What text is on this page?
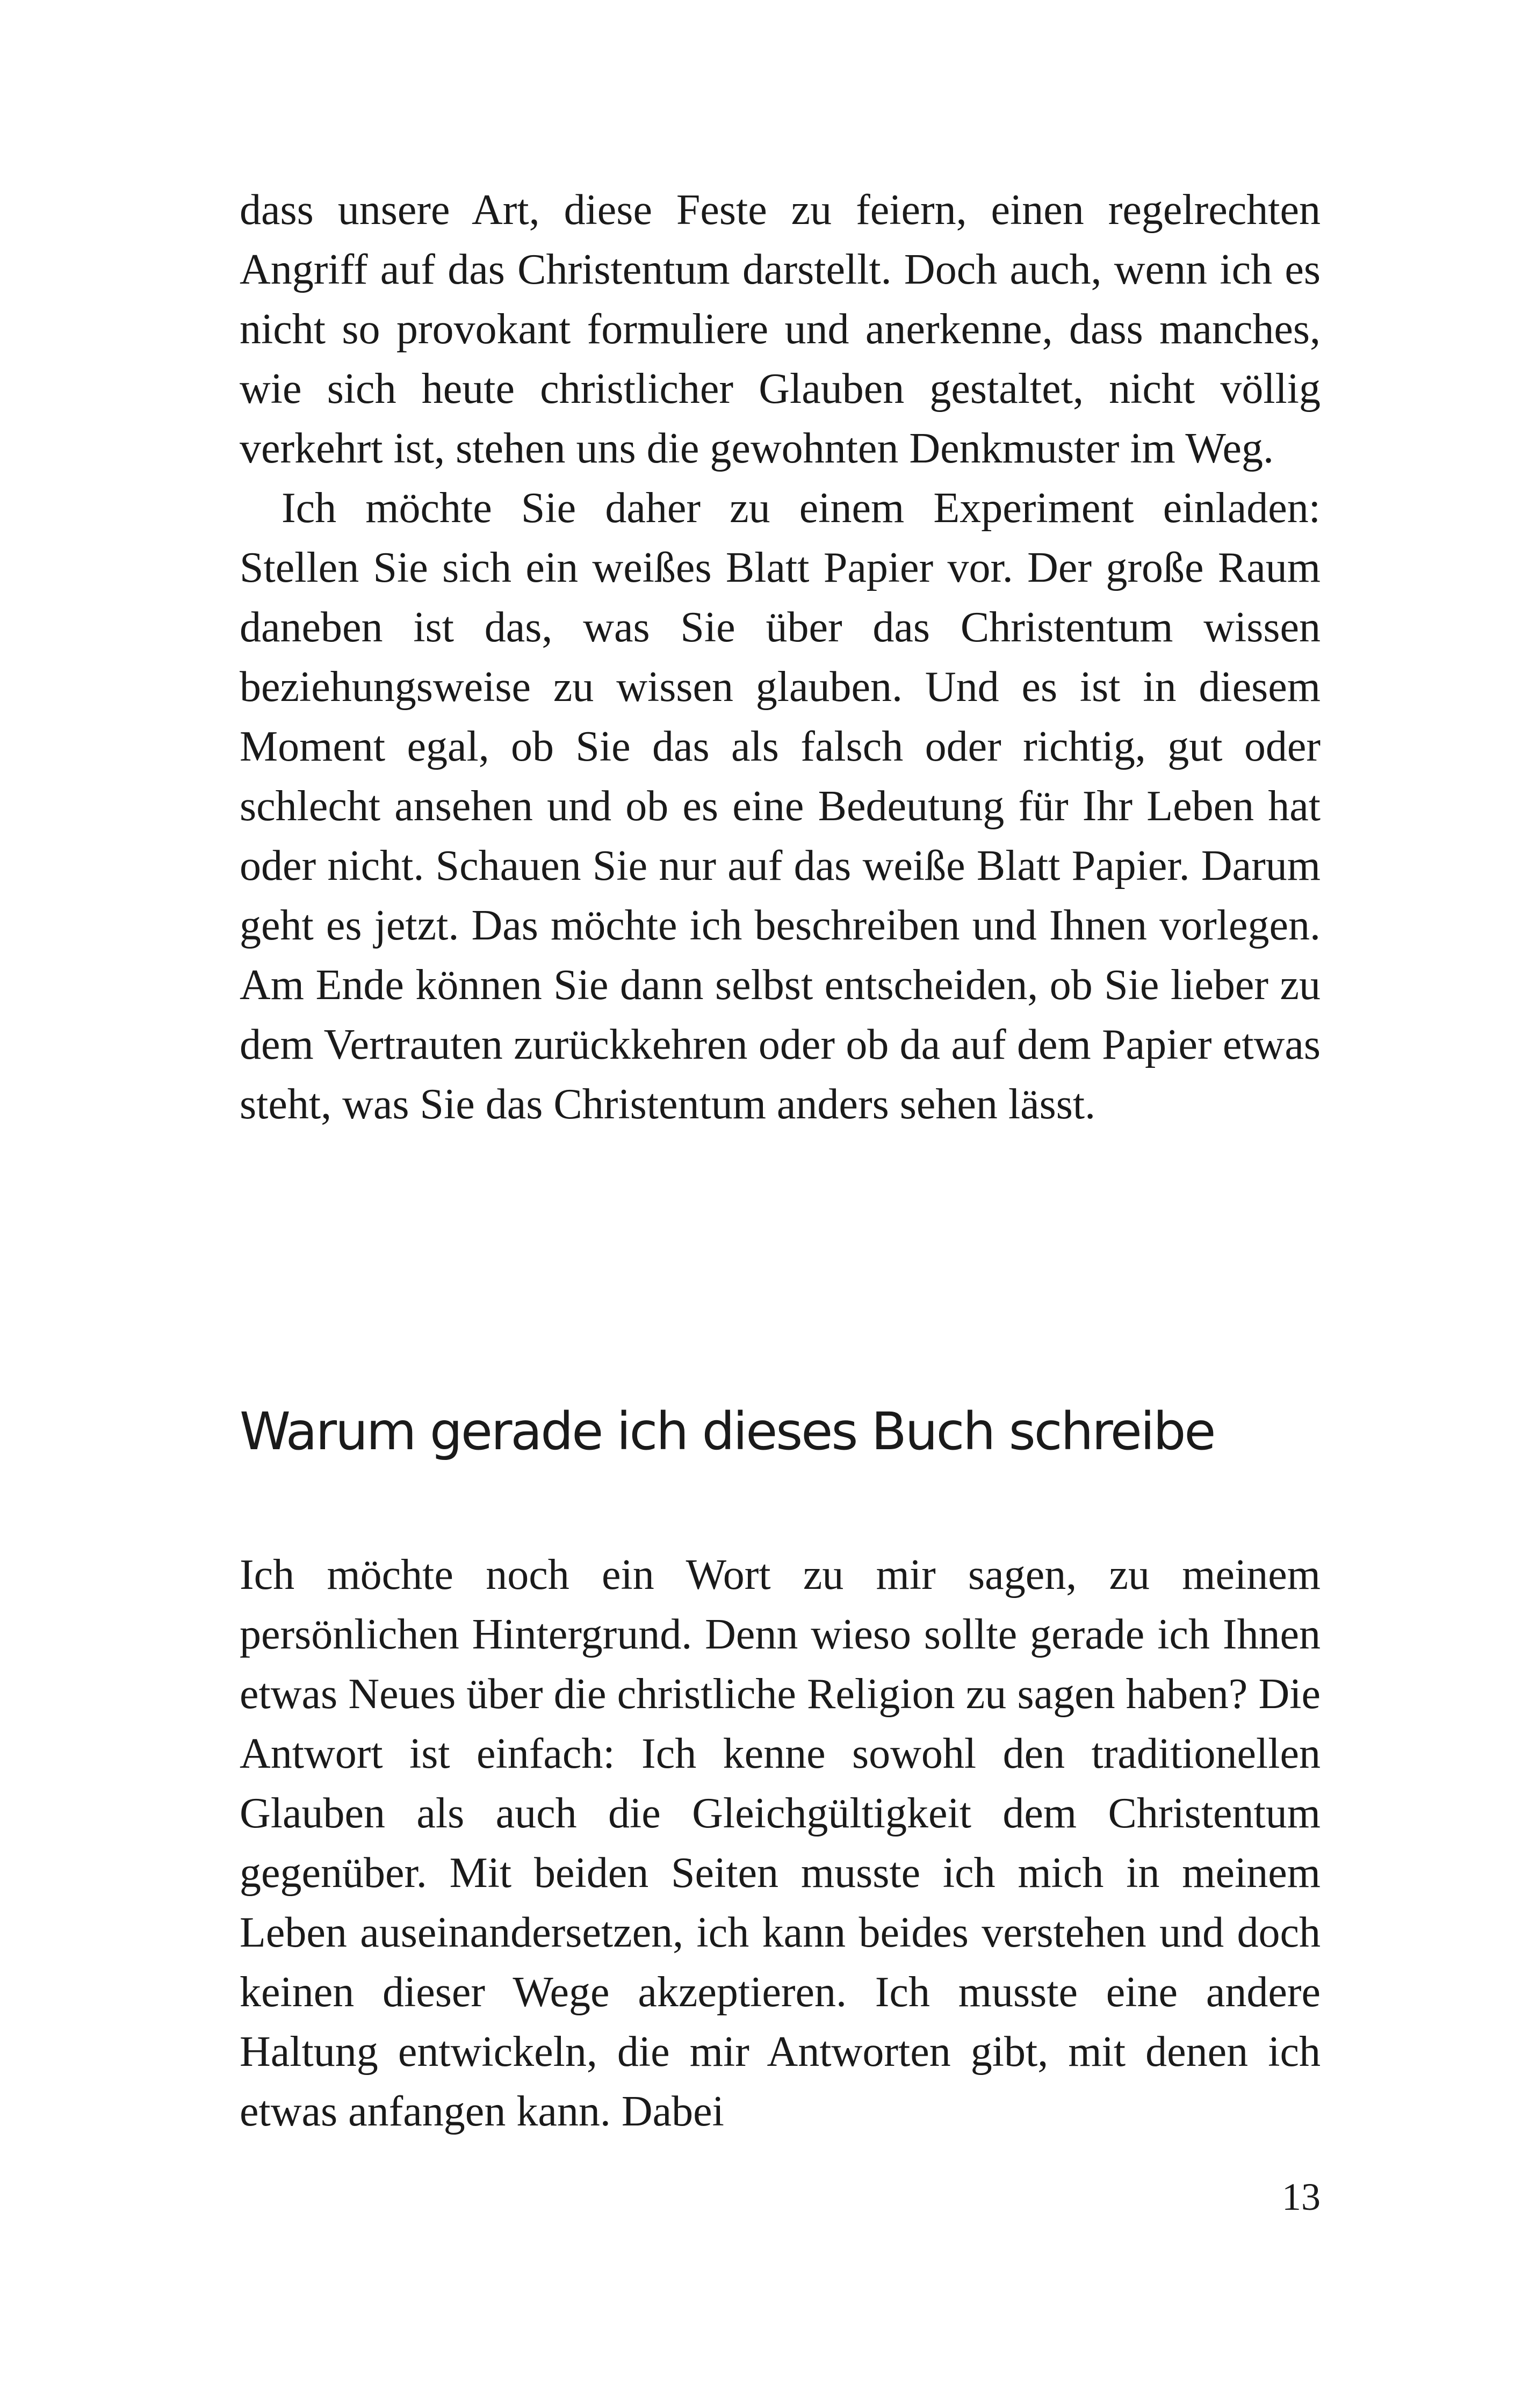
dass unsere Art, diese Feste zu feiern, einen regelrechten Angriff auf das Christentum darstellt. Doch auch, wenn ich es nicht so provokant formuliere und anerkenne, dass manches, wie sich heute christlicher Glauben gestaltet, nicht völlig verkehrt ist, stehen uns die gewohnten Denkmuster im Weg.

Ich möchte Sie daher zu einem Experiment einladen: Stellen Sie sich ein weißes Blatt Papier vor. Der große Raum daneben ist das, was Sie über das Christentum wissen beziehungsweise zu wissen glauben. Und es ist in diesem Moment egal, ob Sie das als falsch oder richtig, gut oder schlecht ansehen und ob es eine Bedeutung für Ihr Leben hat oder nicht. Schauen Sie nur auf das weiße Blatt Papier. Darum geht es jetzt. Das möchte ich beschreiben und Ihnen vorlegen. Am Ende können Sie dann selbst entscheiden, ob Sie lieber zu dem Vertrauten zurückkehren oder ob da auf dem Papier etwas steht, was Sie das Christentum anders sehen lässt.

Warum gerade ich dieses Buch schreibe

Ich möchte noch ein Wort zu mir sagen, zu meinem persönlichen Hintergrund. Denn wieso sollte gerade ich Ihnen etwas Neues über die christliche Religion zu sagen haben? Die Antwort ist einfach: Ich kenne sowohl den traditionellen Glauben als auch die Gleichgültigkeit dem Christentum gegenüber. Mit beiden Seiten musste ich mich in meinem Leben auseinandersetzen, ich kann beides verstehen und doch keinen dieser Wege akzeptieren. Ich musste eine andere Haltung entwickeln, die mir Antworten gibt, mit denen ich etwas anfangen kann. Dabei

13
